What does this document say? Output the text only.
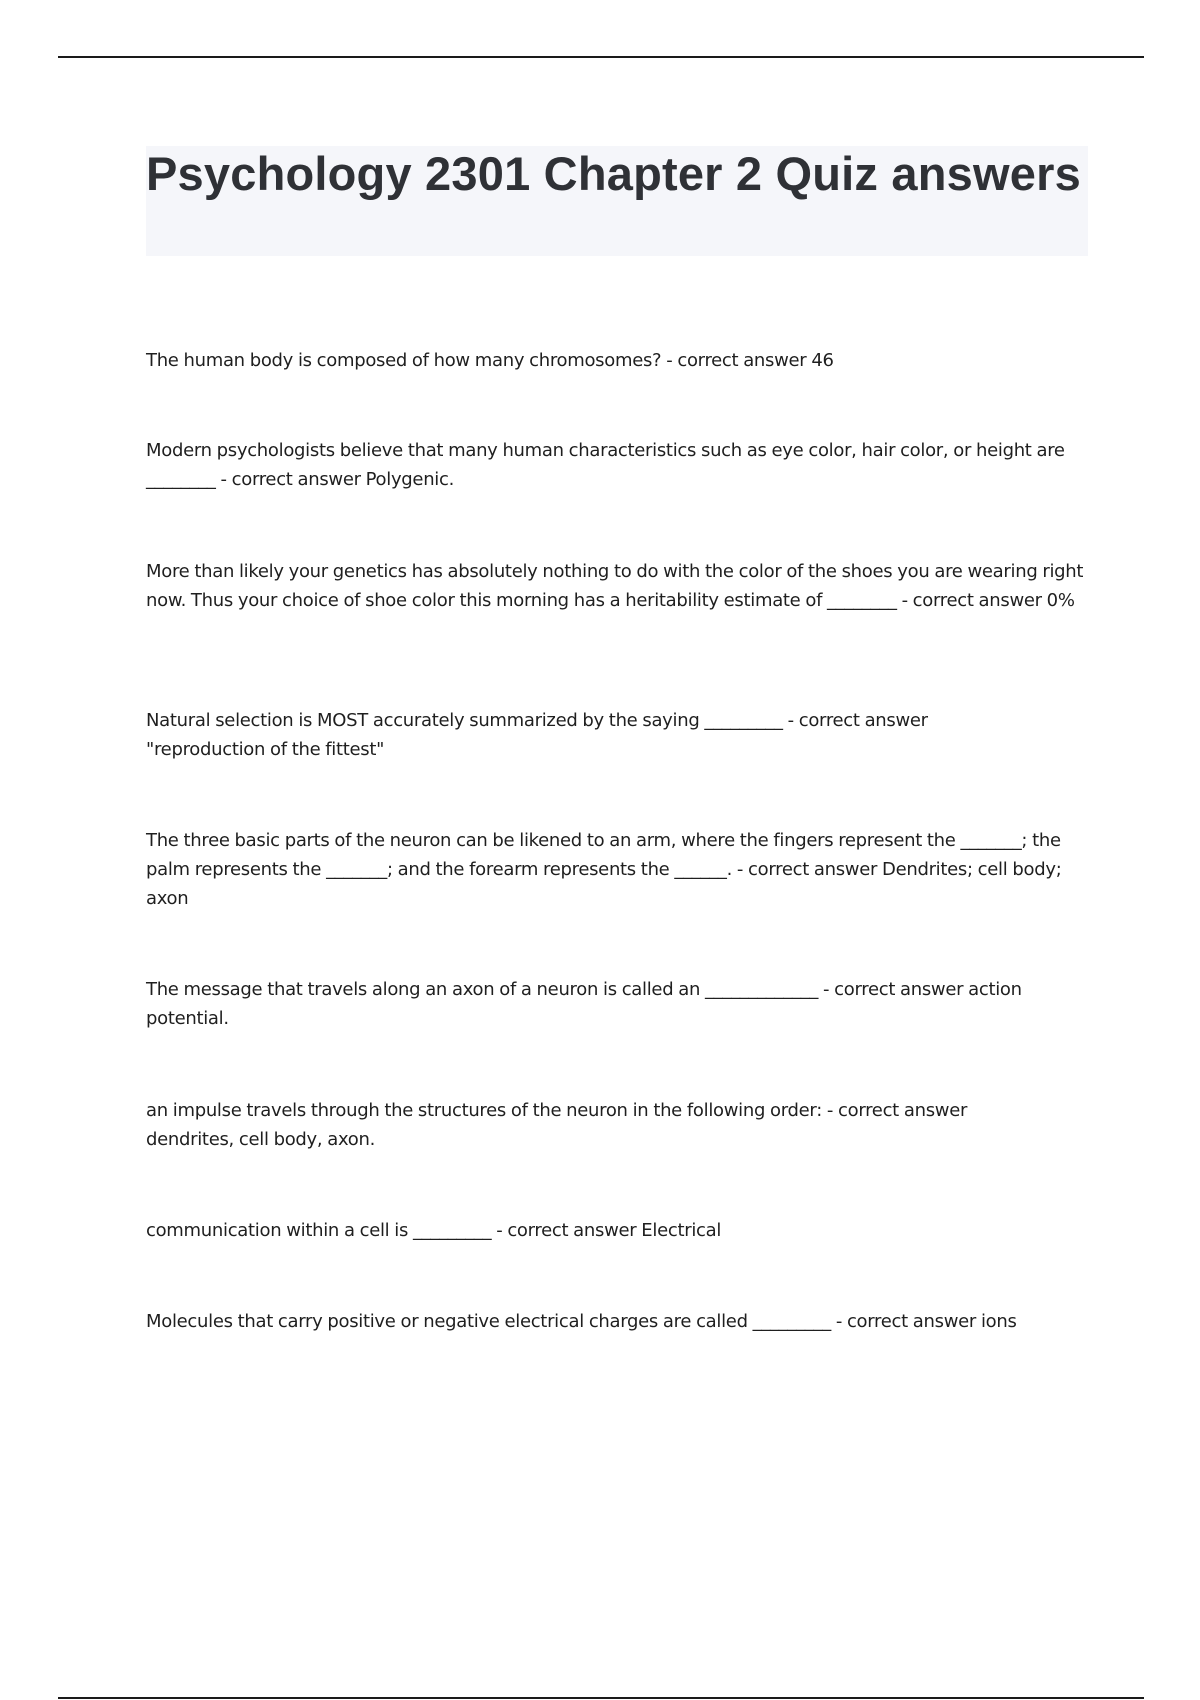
Psychology 2301 Chapter 2 Quiz answers

The human body is composed of how many chromosomes? - correct answer 46

Modern psychologists believe that many human characteristics such as eye color, hair color, or height are ________ - correct answer Polygenic.

More than likely your genetics has absolutely nothing to do with the color of the shoes you are wearing right now. Thus your choice of shoe color this morning has a heritability estimate of ________ - correct answer 0%

Natural selection is MOST accurately summarized by the saying _________ - correct answer "reproduction of the fittest"

The three basic parts of the neuron can be likened to an arm, where the fingers represent the _______; the palm represents the _______; and the forearm represents the ______. - correct answer Dendrites; cell body; axon

The message that travels along an axon of a neuron is called an _____________ - correct answer action potential.

an impulse travels through the structures of the neuron in the following order: - correct answer dendrites, cell body, axon.

communication within a cell is _________ - correct answer Electrical

Molecules that carry positive or negative electrical charges are called _________ - correct answer ions
